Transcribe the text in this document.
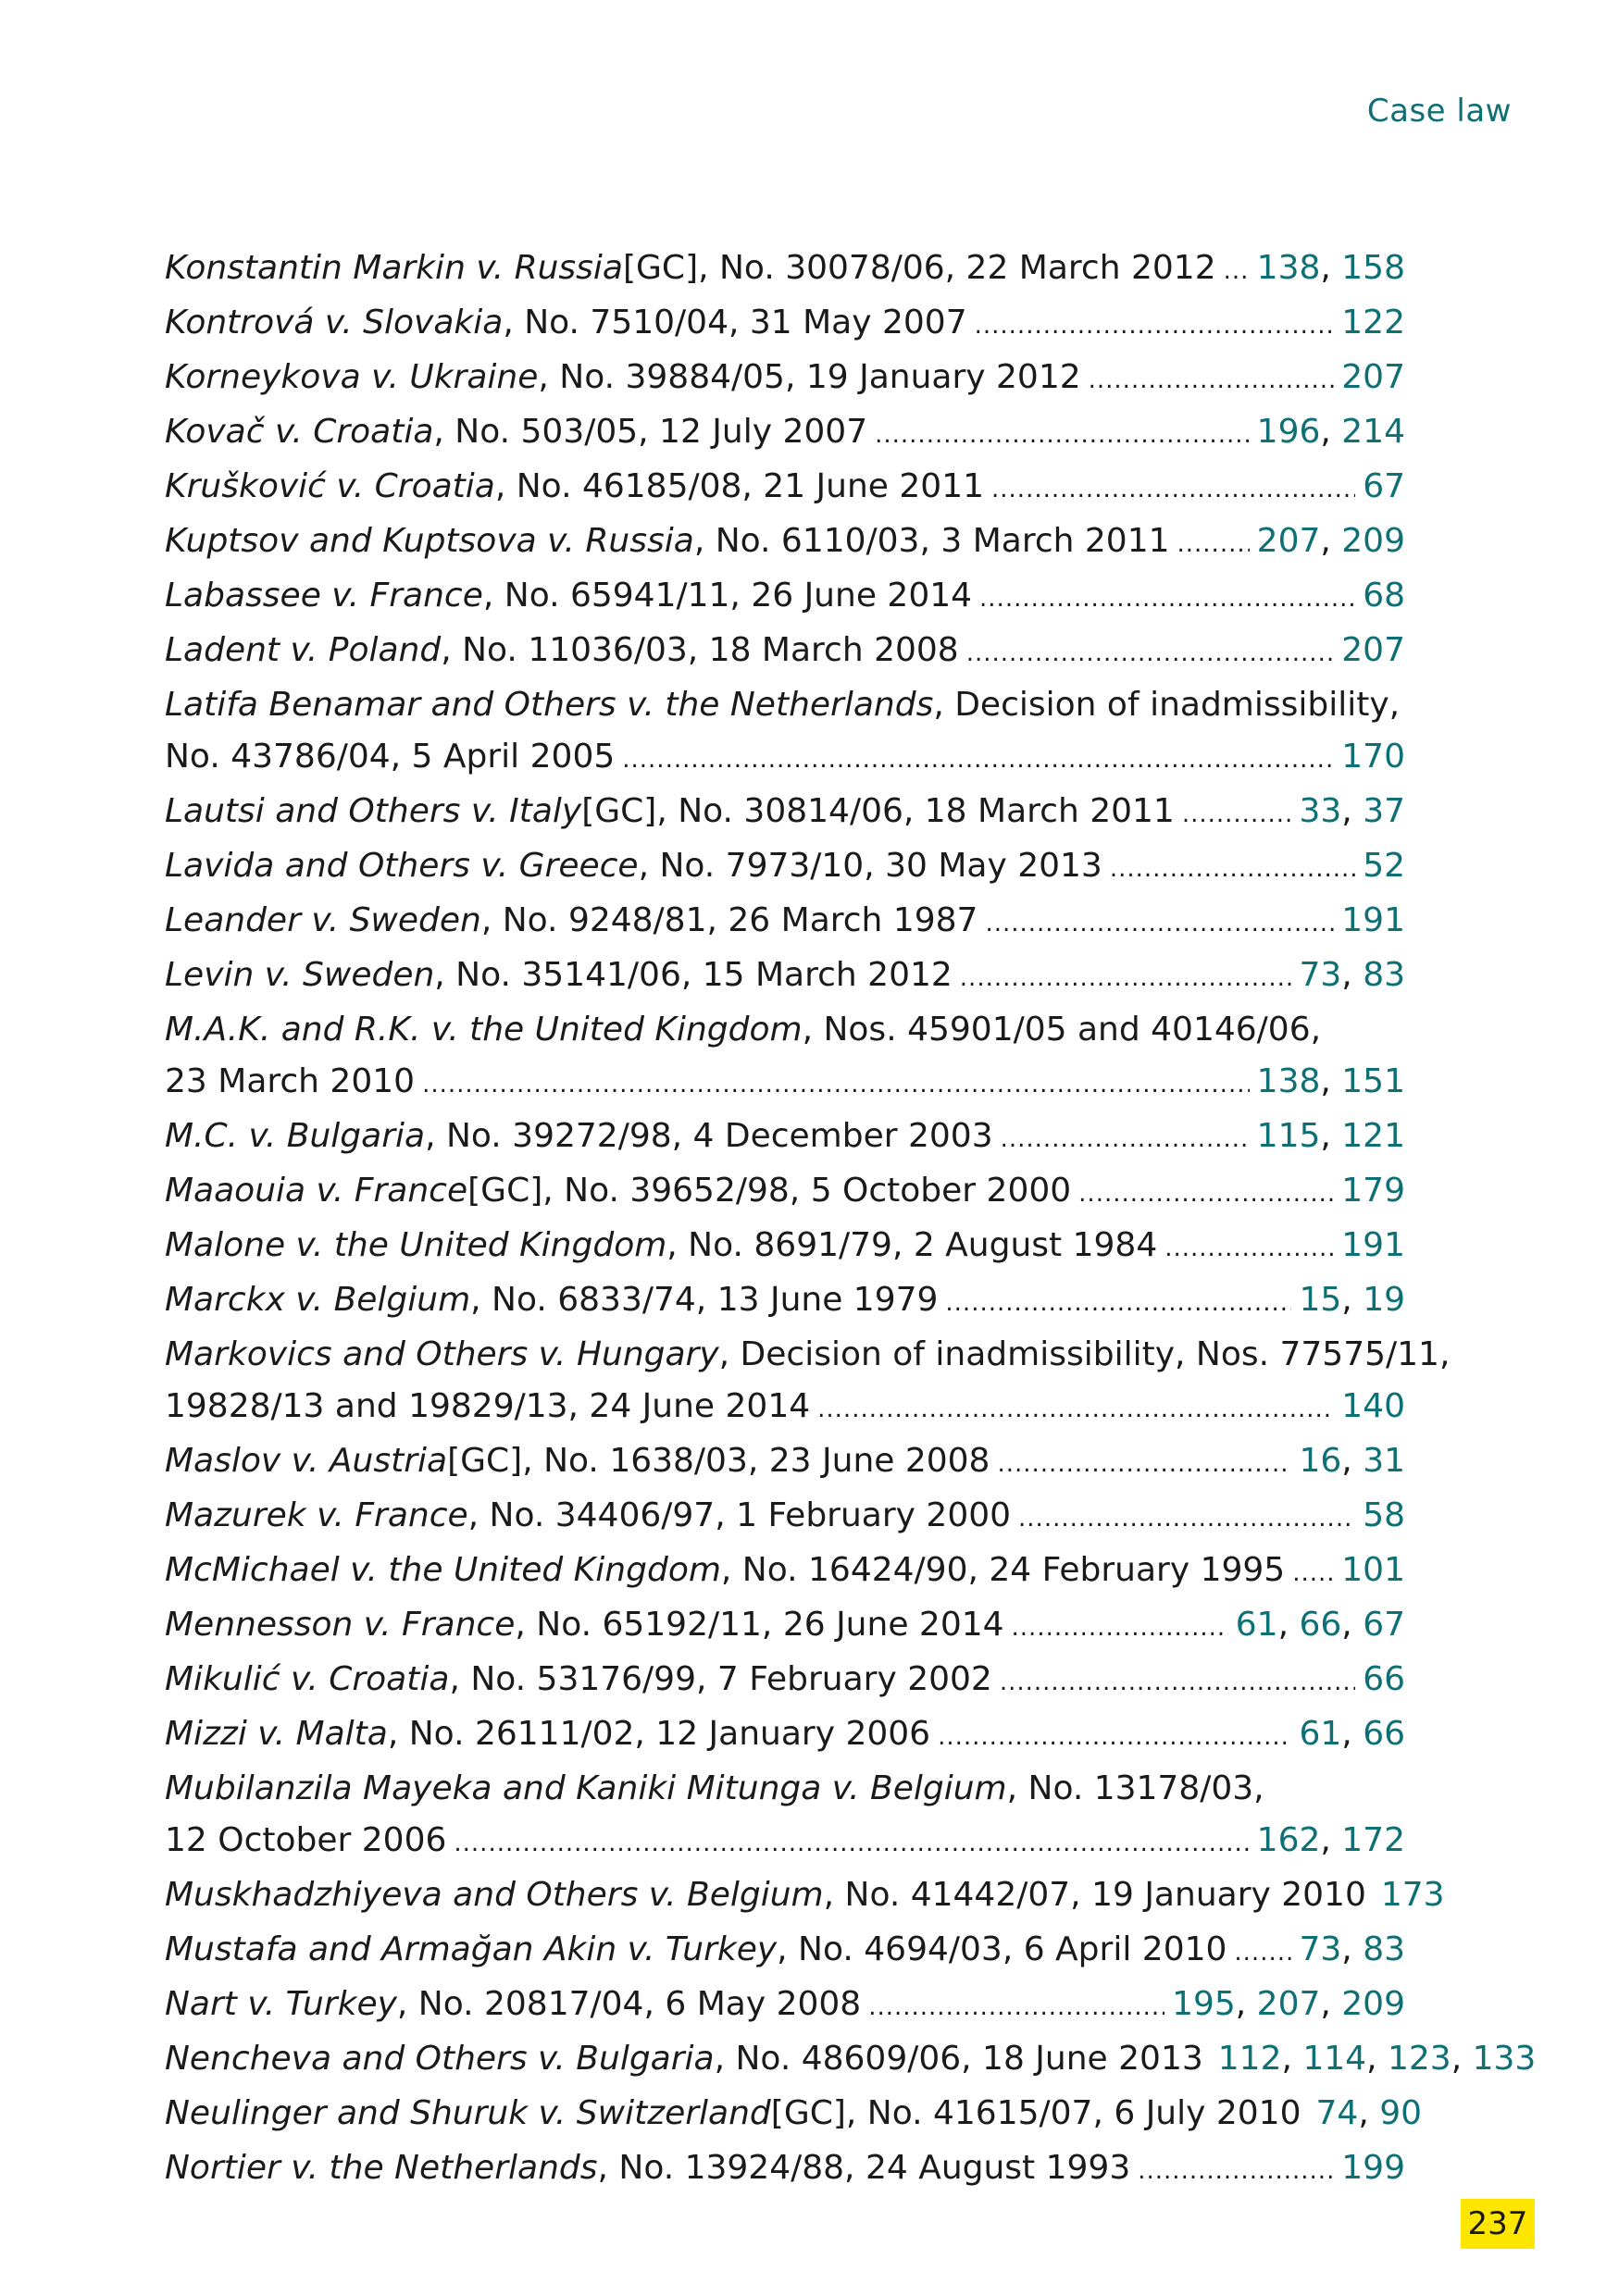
Case law
Konstantin Markin v. Russia [GC], No. 30078/06, 22 March 2012 ..... 138, 158
Kontrová v. Slovakia , No. 7510/04, 31 May 2007 .....	122
Korneykova v. Ukraine , No. 39884/05, 19 January 2012 .....	207
Kovač v. Croatia , No. 503/05, 12 July 2007 .....	196, 214
Krušković v. Croatia , No. 46185/08, 21 June 2011 .....	67
Kuptsov and Kuptsova v. Russia , No. 6110/03, 3 March 2011 .....	207, 209
Labassee v. France , No. 65941/11, 26 June 2014 .....	68
Ladent v. Poland , No. 11036/03, 18 March 2008 .....	207
Latifa Benamar and Others v. the Netherlands , Decision of inadmissibility,
No. 43786/04, 5 April 2005 .....	170
Lautsi and Others v. Italy [GC], No. 30814/06, 18 March 2011 .....	33, 37
Lavida and Others v. Greece , No. 7973/10, 30 May 2013 .....	52
Leander v. Sweden , No. 9248/81, 26 March 1987 .....	191
Levin v. Sweden , No. 35141/06, 15 March 2012 .....	73, 83
M.A.K. and R.K. v. the United Kingdom , Nos. 45901/05 and 40146/06,
23 March 2010 .....	138, 151
M.C. v. Bulgaria , No. 39272/98, 4 December 2003 .....	115, 121
Maaouia v. France [GC], No. 39652/98, 5 October 2000 .....	179
Malone v. the United Kingdom , No. 8691/79, 2 August 1984 .....	191
Marckx v. Belgium , No. 6833/74, 13 June 1979 .....	15, 19
Markovics and Others v. Hungary , Decision of inadmissibility, Nos. 77575/11,
19828/13 and 19829/13, 24 June 2014 .....	140
Maslov v. Austria [GC], No. 1638/03, 23 June 2008 .....	16, 31
Mazurek v. France , No. 34406/97, 1 February 2000 .....	58
McMichael v. the United Kingdom , No. 16424/90, 24 February 1995 ..... 101
Mennesson v. France , No. 65192/11, 26 June 2014 .....	61, 66, 67
Mikulić v. Croatia , No. 53176/99, 7 February 2002 .....	66
Mizzi v. Malta , No. 26111/02, 12 January 2006 .....	61, 66
Mubilanzila Mayeka and Kaniki Mitunga v. Belgium , No. 13178/03,
12 October 2006 .....	162, 172
Muskhadzhiyeva and Others v. Belgium , No. 41442/07, 19 January 2010 173
Mustafa and Armağan Akin v. Turkey , No. 4694/03, 6 April 2010 ..... 73, 83
Nart v. Turkey , No. 20817/04, 6 May 2008 .....	195, 207, 209
Nencheva and Others v. Bulgaria , No. 48609/06, 18 June 2013 112, 114, 123, 133
Neulinger and Shuruk v. Switzerland [GC], No. 41615/07, 6 July 2010 74, 90
Nortier v. the Netherlands , No. 13924/88, 24 August 1993 .....	199
237
